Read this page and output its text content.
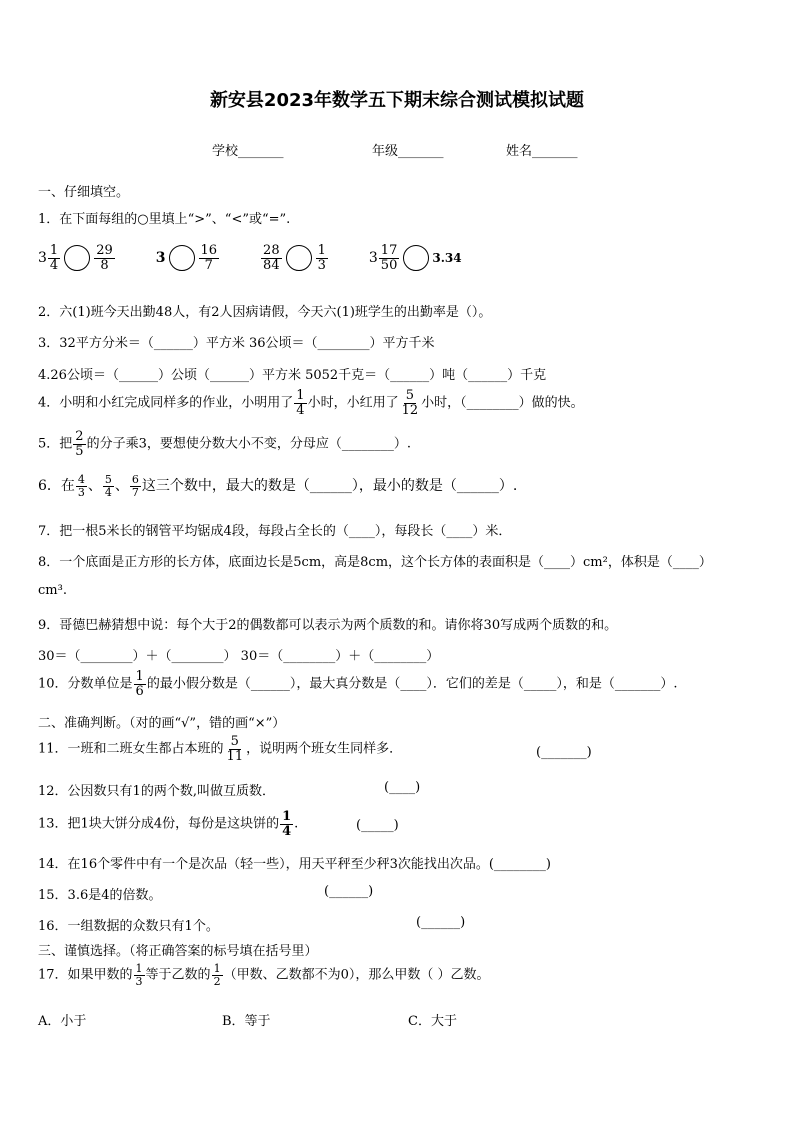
新安县2023年数学五下期末综合测试模拟试题
学校_______	年级_______	姓名_______
一、仔细填空。
1．在下面每组的○里填上“>”、“<”或“=”.
$3 \frac{1}{4}$	$\frac{29}{8}$	3	$\frac{16}{7}$	$\frac{28}{84}$	$\frac{1}{3}$	$3 \frac{17}{50}$	3.34
2．六(1)班今天出勤48人，有2人因病请假，今天六(1)班学生的出勤率是（）。
3．32平方分米＝（______）平方米 36公顷＝（________）平方千米
4.26公顷＝（______）公顷（______）平方米 5052千克＝（______）吨（______）千克
4．小明和小红完成同样多的作业，小明用了 $\frac{1}{4}$ 小时，小红用了 $\frac{5}{12}$ 小时，（________）做的快。
5．把 $\frac{2}{5}$ 的分子乘3，要想使分数大小不变，分母应（________）.
6．在 $\frac{4}{3}$ 、 $\frac{5}{4}$ 、 $\frac{6}{7}$ 这三个数中，最大的数是（______），最小的数是（______）.
7．把一根5米长的钢管平均锯成4段，每段占全长的（____），每段长（____）米．
8．一个底面是正方形的长方体，底面边长是5cm，高是8cm，这个长方体的表面积是（____）cm²，体积是（____）
cm³.
9．哥德巴赫猜想中说：每个大于2的偶数都可以表示为两个质数的和。请你将30写成两个质数的和。
30＝（________）＋（________） 30＝（________）＋（________）
10．分数单位是 $\frac{1}{6}$ 的最小假分数是（______），最大真分数是（____）．它们的差是（_____），和是（_______）.
二、准确判断。（对的画“√”，错的画“×”）
11．一班和二班女生都占本班的 $\frac{5}{11}$ ，说明两个班女生同样多．	(_______)
12．公因数只有1的两个数,叫做互质数．	(____)
13．把1块大饼分成4份，每份是这块饼的 $\frac{1}{4}$ .	(_____)
14．在16个零件中有一个是次品（轻一些），用天平秤至少秤3次能找出次品。(________)
15．3.6是4的倍数。	(______)
16．一组数据的众数只有1个。	(______)
三、谨慎选择。（将正确答案的标号填在括号里）
17．如果甲数的 $\frac{1}{3}$ 等于乙数的 $\frac{1}{2}$ （甲数、乙数都不为0），那么甲数（ ）乙数。
A．小于	B．等于	C．大于
